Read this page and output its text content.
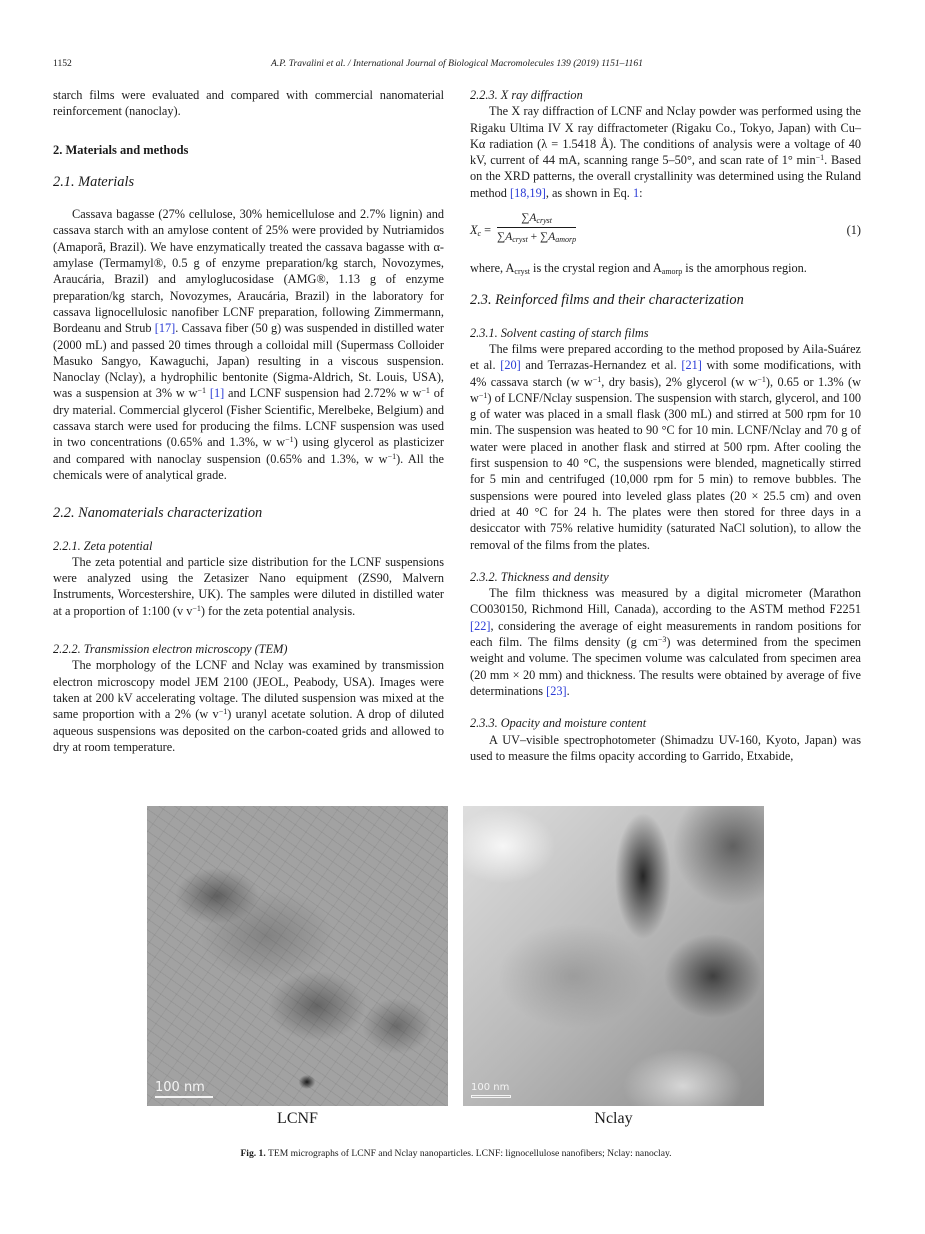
1152	A.P. Travalini et al. / International Journal of Biological Macromolecules 139 (2019) 1151–1161

starch films were evaluated and compared with commercial nanomaterial reinforcement (nanoclay).

2. Materials and methods
2.1. Materials

Cassava bagasse (27% cellulose, 30% hemicellulose and 2.7% lignin) and cassava starch with an amylose content of 25% were provided by Nutriamidos (Amaporã, Brazil). We have enzymatically treated the cassava bagasse with α-amylase (Termamyl®, 0.5 g of enzyme preparation/kg starch, Novozymes, Araucária, Brazil) and amyloglucosidase (AMG®, 1.13 g of enzyme preparation/kg starch, Novozymes, Araucária, Brazil) in the laboratory for cassava lignocellulosic nanofiber LCNF preparation, following Zimmermann, Bordeanu and Strub [17]. Cassava fiber (50 g) was suspended in distilled water (2000 mL) and passed 20 times through a colloidal mill (Supermass Colloider Masuko Sangyo, Kawaguchi, Japan) resulting in a viscous suspension. Nanoclay (Nclay), a hydrophilic bentonite (Sigma-Aldrich, St. Louis, USA), was a suspension at 3% w $w^{-1}$ [1] and LCNF suspension had 2.72% w $w^{-1}$ of dry material. Commercial glycerol (Fisher Scientific, Merelbeke, Belgium) and cassava starch were used for producing the films. LCNF suspension was used in two concentrations (0.65% and 1.3%, w $w^{-1}$) using glycerol as plasticizer and compared with nanoclay suspension (0.65% and 1.3%, w $w^{-1}$). All the chemicals were of analytical grade.

2.2. Nanomaterials characterization
2.2.1. Zeta potential

The zeta potential and particle size distribution for the LCNF suspensions were analyzed using the Zetasizer Nano equipment (ZS90, Malvern Instruments, Worcestershire, UK). The samples were diluted in distilled water at a proportion of 1:100 (v $v^{-1}$) for the zeta potential analysis.

2.2.2. Transmission electron microscopy (TEM)

The morphology of the LCNF and Nclay was examined by transmission electron microscopy model JEM 2100 (JEOL, Peabody, USA). Images were taken at 200 kV accelerating voltage. The diluted suspension was mixed at the same proportion with a 2% (w $v^{-1}$) uranyl acetate solution. A drop of diluted aqueous suspensions was deposited on the carbon-coated grids and allowed to dry at room temperature.

2.2.3. X ray diffraction

The X ray diffraction of LCNF and Nclay powder was performed using the Rigaku Ultima IV X ray diffractometer (Rigaku Co., Tokyo, Japan) with Cu–Kα radiation (λ = 1.5418 Å). The conditions of analysis were a voltage of 40 kV, current of 44 mA, scanning range 5–50°, and scan rate of 1° $\min^{-1}$. Based on the XRD patterns, the overall crystallinity was determined using the Ruland method [18,19], as shown in Eq. 1:

$X_c$ =
$\sum A_{cryst}$
$\sum A_{cryst} + \sum A_{amorp}$
(1)

where, $A_{cryst}$ is the crystal region and $A_{amorp}$ is the amorphous region.

2.3. Reinforced films and their characterization
2.3.1. Solvent casting of starch films

The films were prepared according to the method proposed by Aila-Suárez et al. [20] and Terrazas-Hernandez et al. [21] with some modifications, with 4% cassava starch (w $w^{-1}$, dry basis), 2% glycerol (w $w^{-1}$), 0.65 or 1.3% (w $w^{-1}$) of LCNF/Nclay suspension. The suspension with starch, glycerol, and 100 g of water was placed in a small flask (300 mL) and stirred at 500 rpm for 10 min. The suspension was heated to 90 °C for 10 min. LCNF/Nclay and 70 g of water were placed in another flask and stirred at 500 rpm. After cooling the first suspension to 40 °C, the suspensions were blended, magnetically stirred for 5 min and centrifuged (10,000 rpm for 5 min) to remove bubbles. The suspensions were poured into leveled glass plates (20 × 25.5 cm) and oven dried at 40 °C for 24 h. The plates were then stored for three days in a desiccator with 75% relative humidity (saturated NaCl solution), to allow the removal of the films from the plates.

2.3.2. Thickness and density

The film thickness was measured by a digital micrometer (Marathon CO030150, Richmond Hill, Canada), according to the ASTM method F2251 [22], considering the average of eight measurements in random positions for each film. The films density (g $cm^{-3}$) was determined from the specimen weight and volume. The specimen volume was calculated from specimen area (20 mm × 20 mm) and thickness. The results were obtained by average of five determinations [23].

2.3.3. Opacity and moisture content

A UV–visible spectrophotometer (Shimadzu UV-160, Kyoto, Japan) was used to measure the films opacity according to Garrido, Etxabide,

100 nm
LCNF
100 nm
Nclay
Fig. 1. TEM micrographs of LCNF and Nclay nanoparticles. LCNF: lignocellulose nanofibers; Nclay: nanoclay.
